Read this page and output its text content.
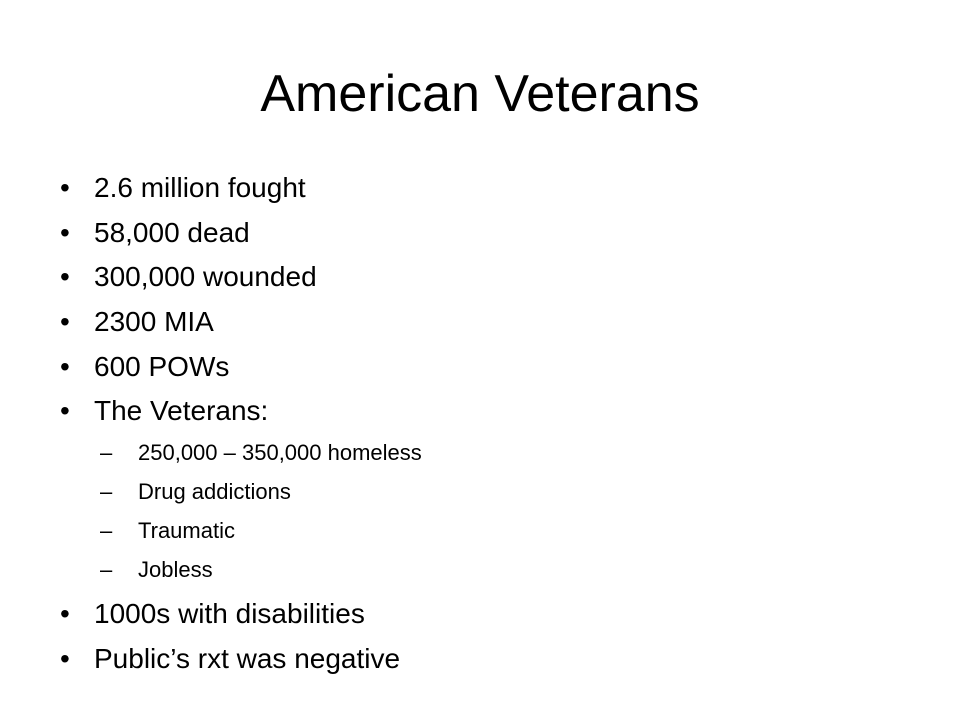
American Veterans
• 2.6 million fought
• 58,000 dead
• 300,000 wounded
• 2300 MIA
• 600 POWs
• The Veterans:
–	250,000 – 350,000 homeless
–	Drug addictions
–	Traumatic
–	Jobless
• 1000s with disabilities
• Public’s rxt was negative
